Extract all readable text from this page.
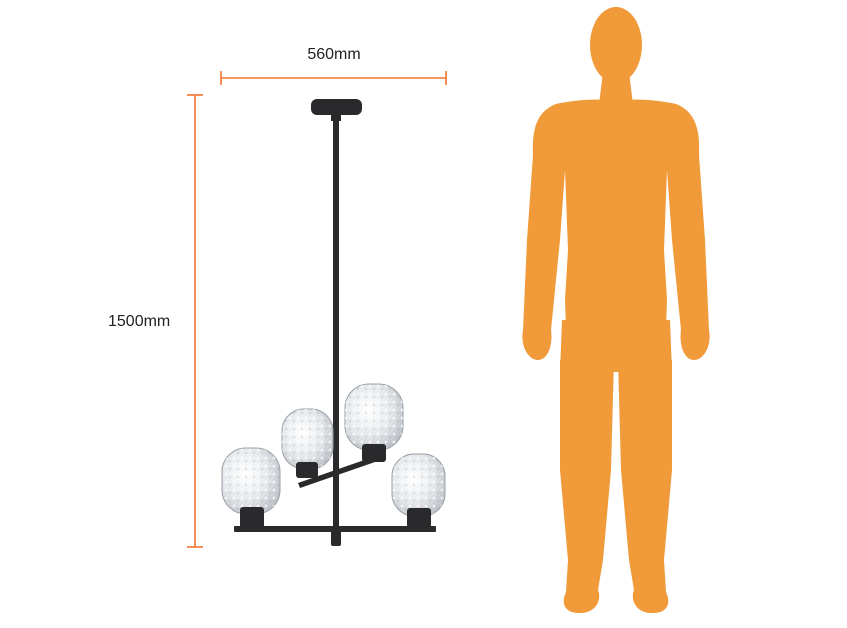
560mm
1500mm
